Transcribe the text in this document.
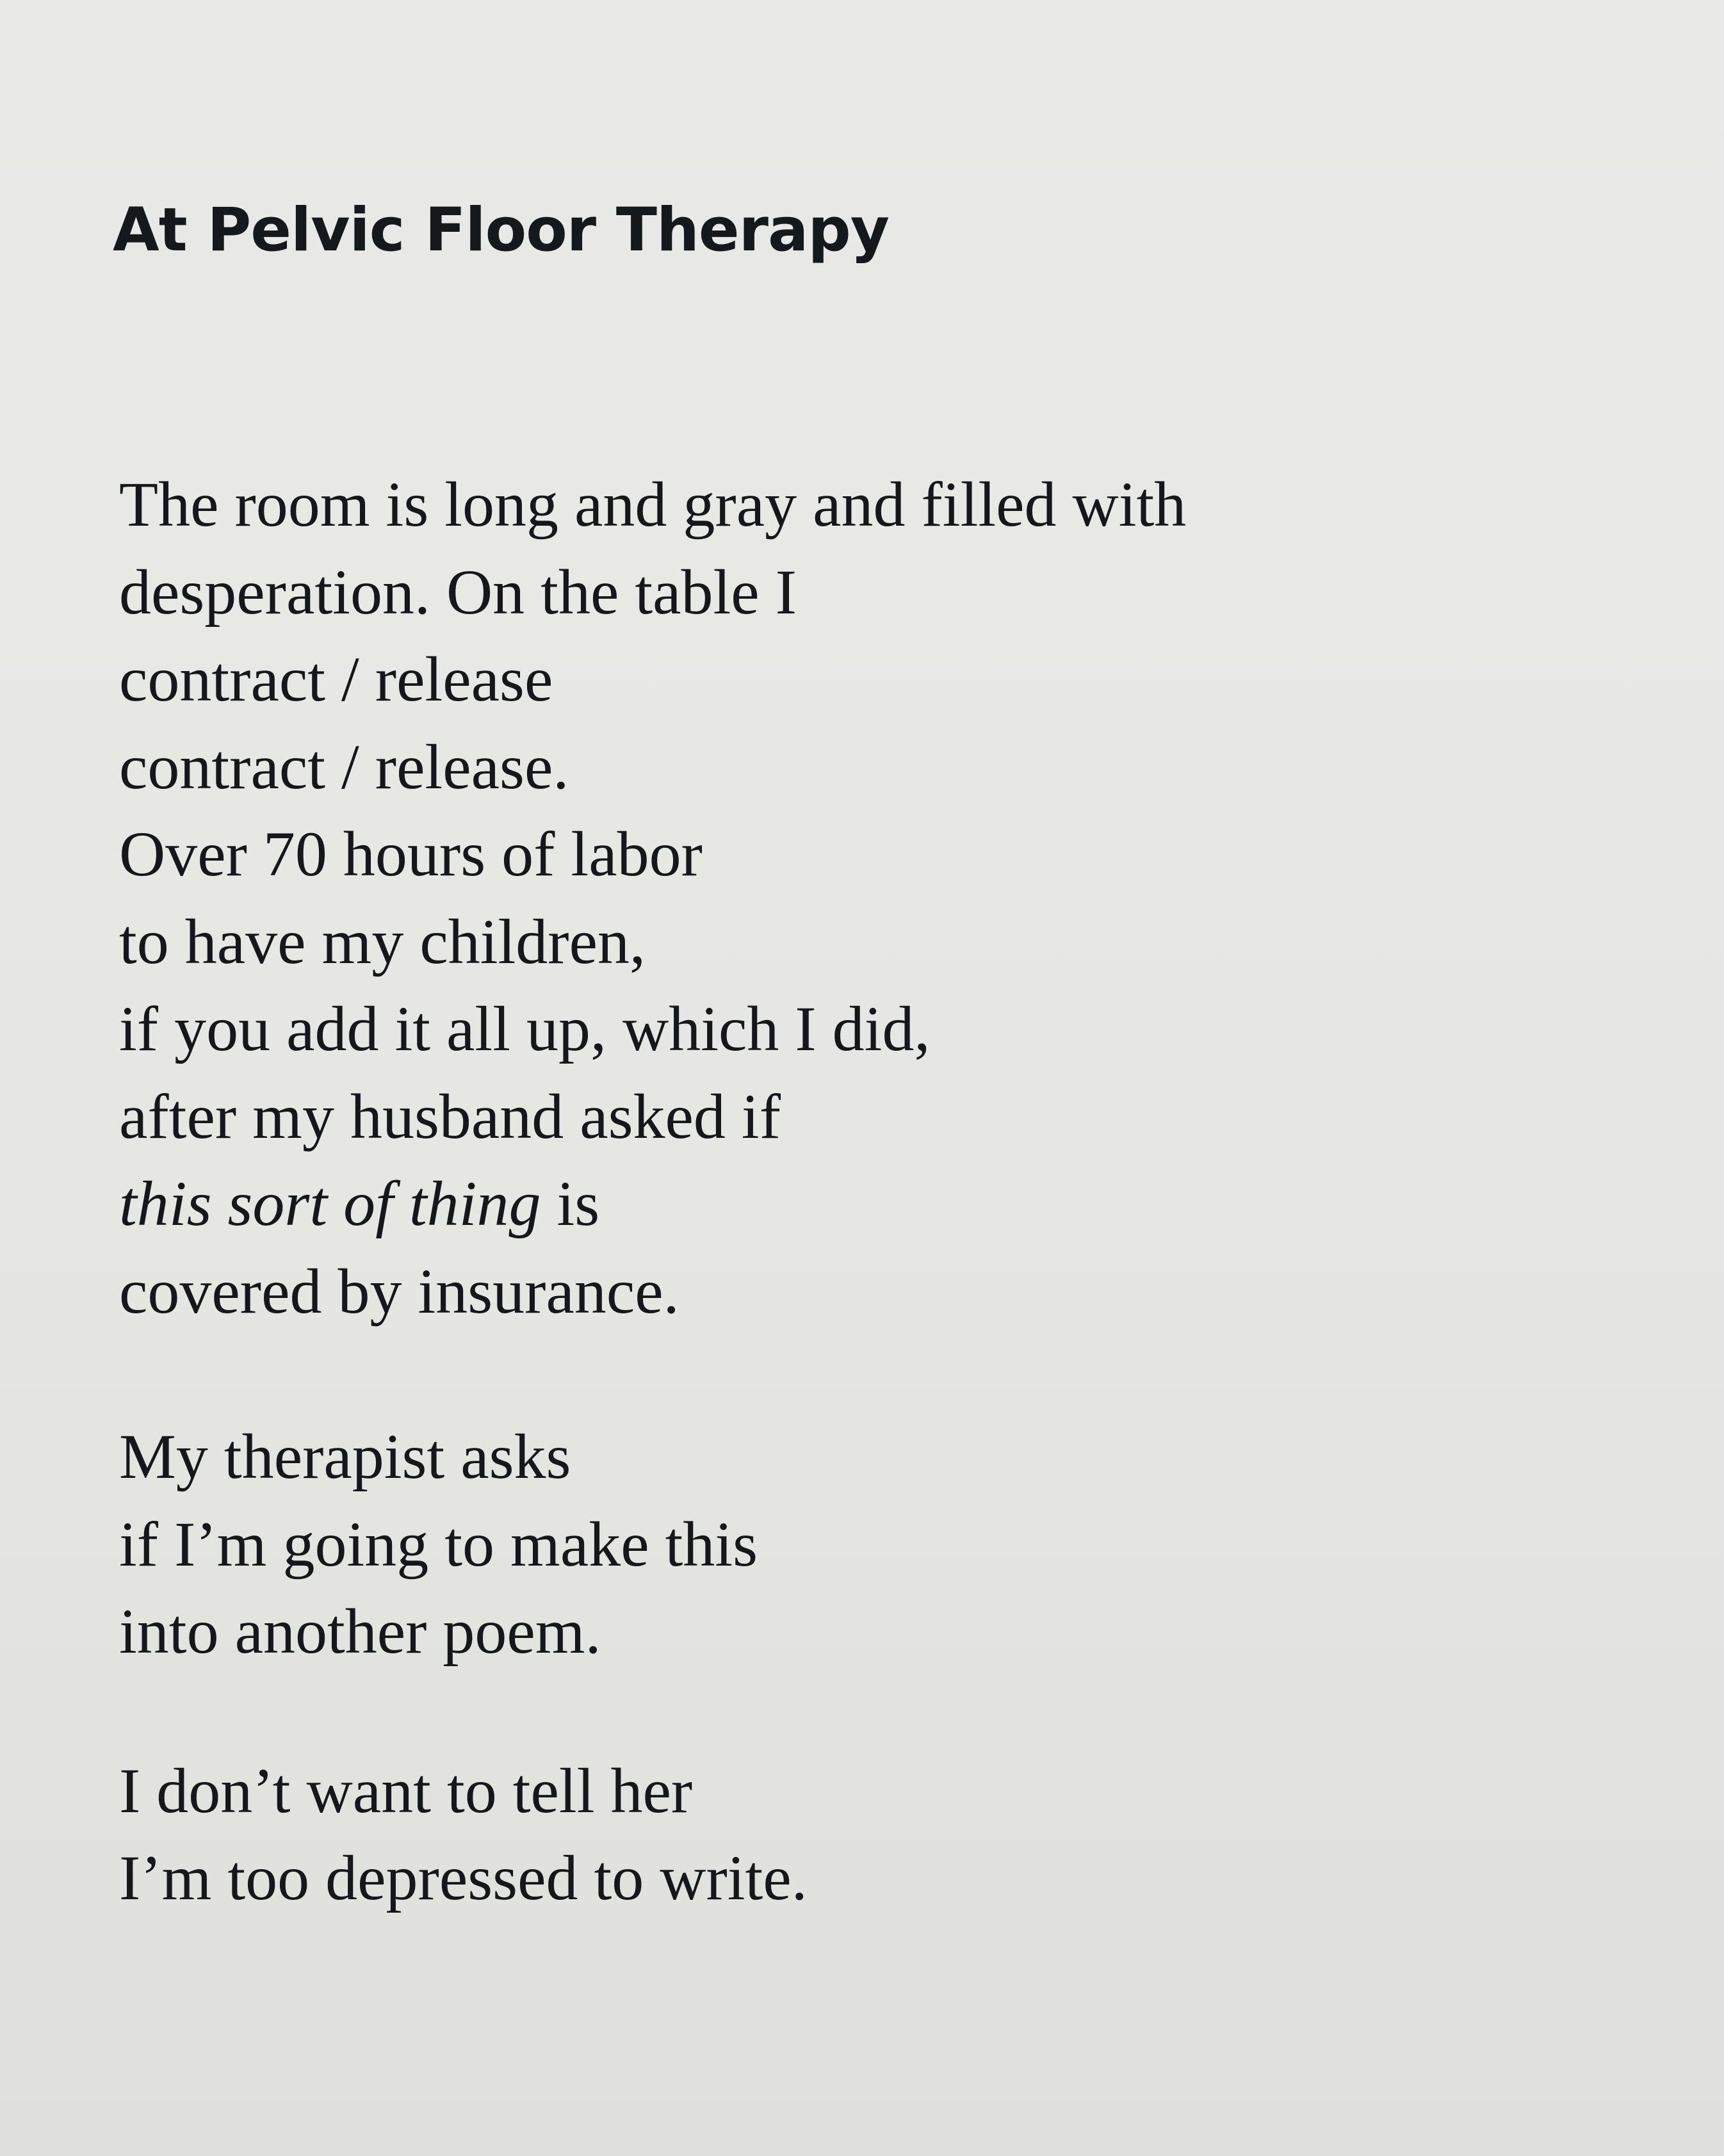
At Pelvic Floor Therapy
The room is long and gray and filled with
desperation. On the table I
contract / release
contract / release.
Over 70 hours of labor
to have my children,
if you add it all up, which I did,
after my husband asked if
this sort of thing is
covered by insurance.
My therapist asks
if I’m going to make this
into another poem.
I don’t want to tell her
I’m too depressed to write.
